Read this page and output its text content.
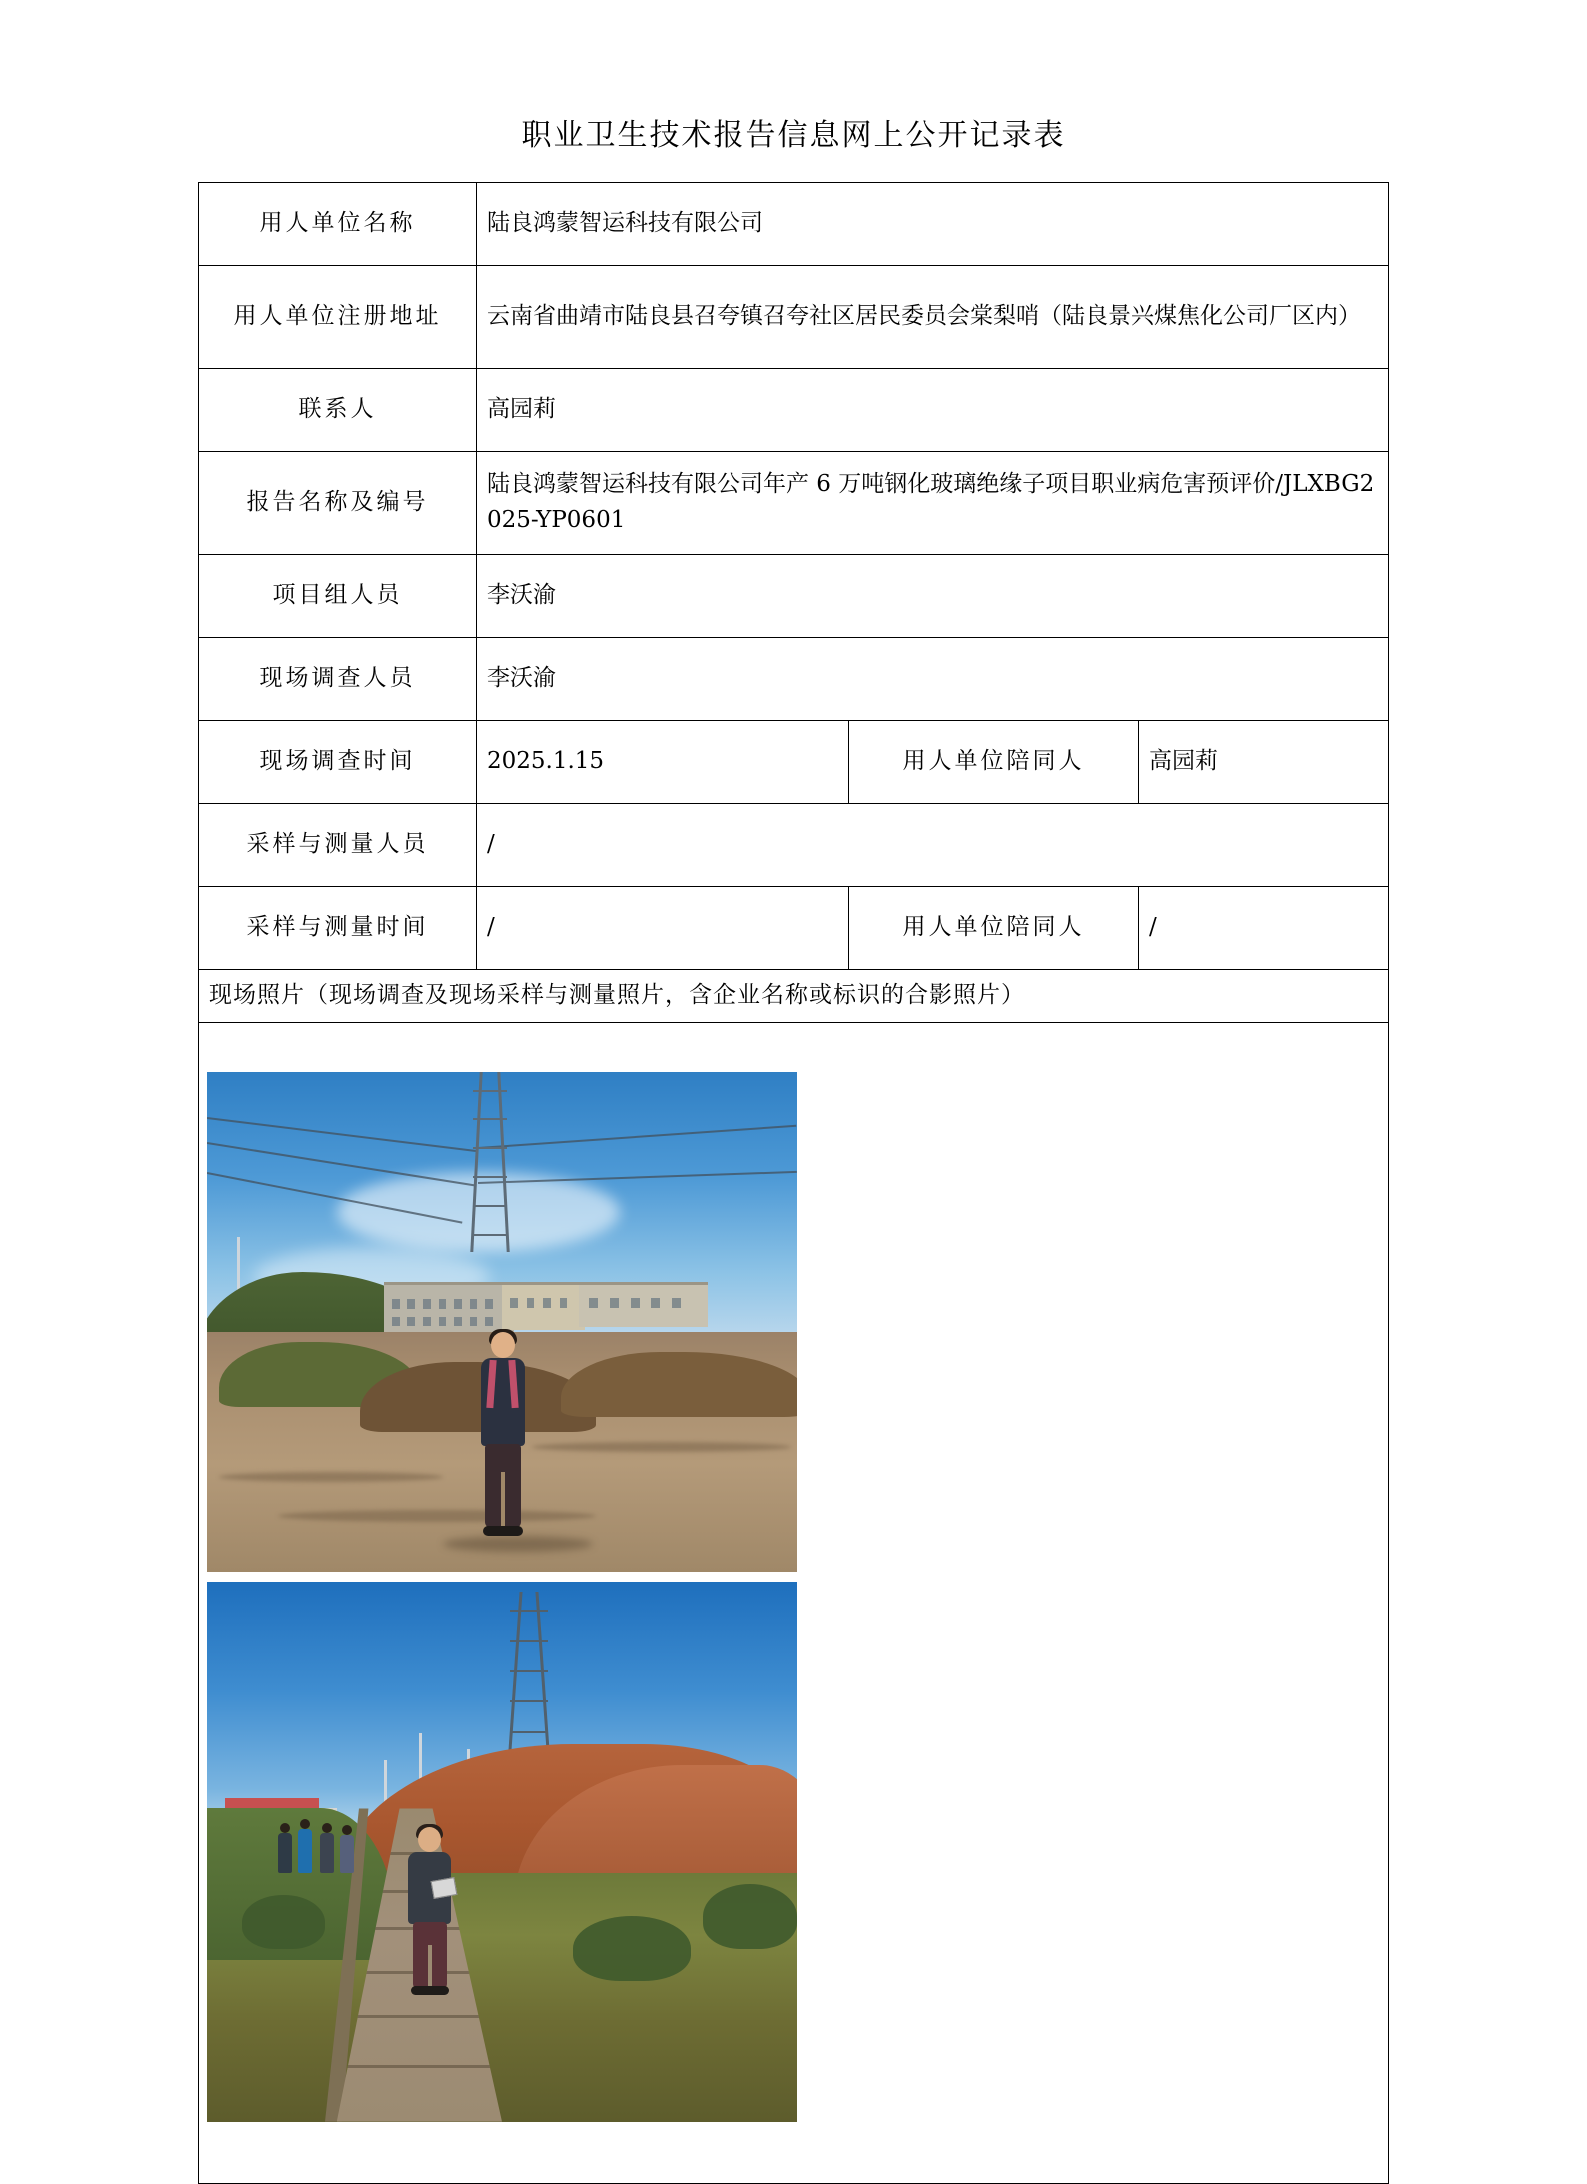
职业卫生技术报告信息网上公开记录表
用人单位名称	陆良鸿蒙智运科技有限公司		
用人单位注册地址	云南省曲靖市陆良县召夸镇召夸社区居民委员会棠梨哨（陆良景兴煤焦化公司厂区内）		
联系人	高园莉		
报告名称及编号	陆良鸿蒙智运科技有限公司年产 6 万吨钢化玻璃绝缘子项目职业病危害预评价/JLXBG2025-YP0601		
项目组人员	李沃渝		
现场调查人员	李沃渝		
现场调查时间	2025.1.15	用人单位陪同人	高园莉
采样与测量人员	/		
采样与测量时间	/	用人单位陪同人	/
现场照片（现场调查及现场采样与测量照片，含企业名称或标识的合影照片）			
